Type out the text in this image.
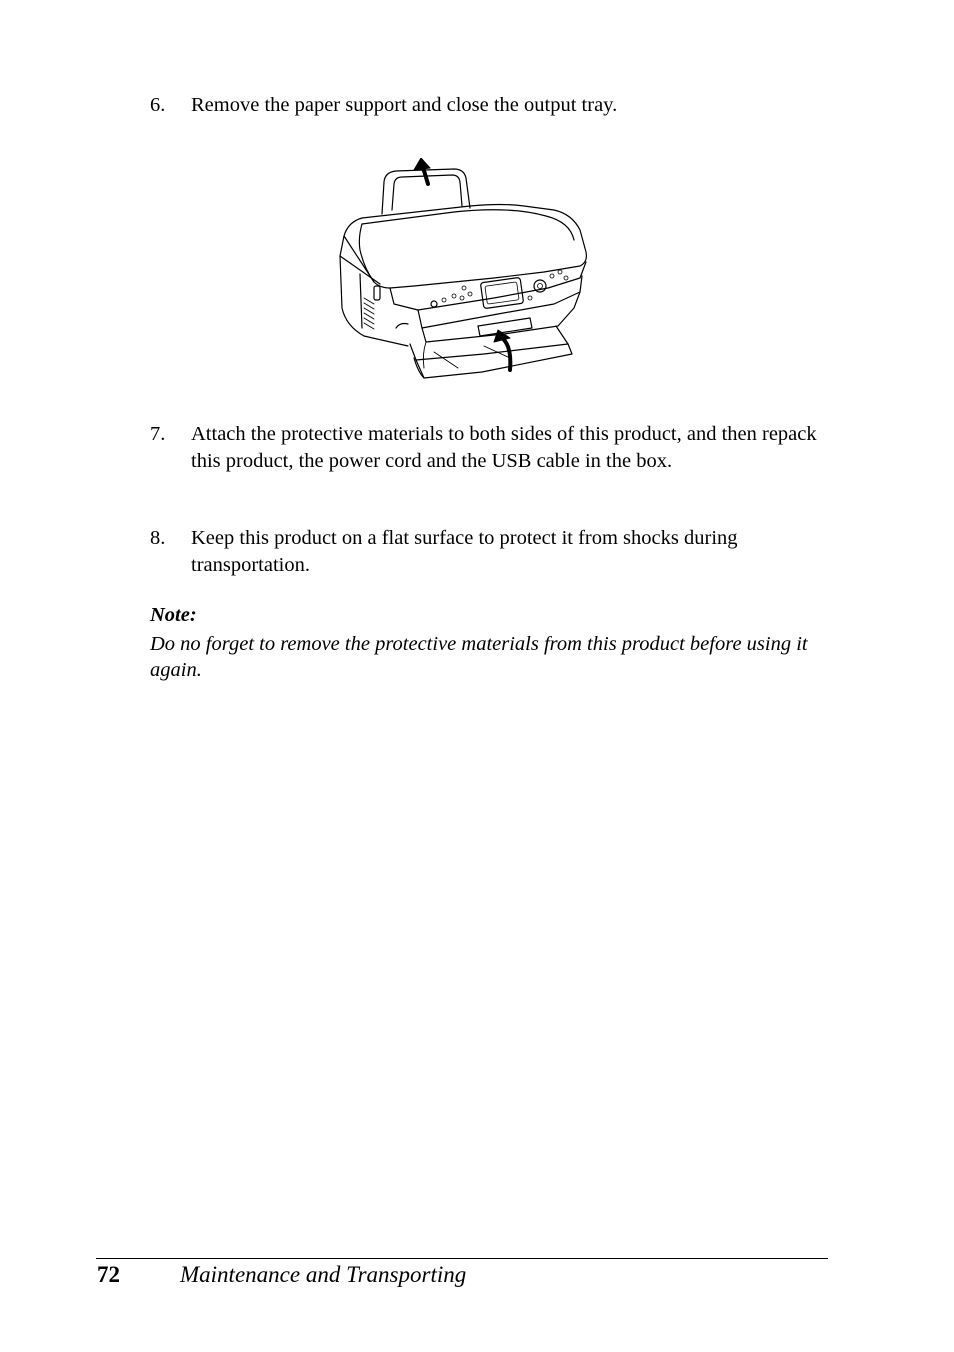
6.	Remove the paper support and close the output tray.
7.	Attach the protective materials to both sides of this product, and then repack this product, the power cord and the USB cable in the box.
8.	Keep this product on a flat surface to protect it from shocks during transportation.
Note:
Do no forget to remove the protective materials from this product before using it again.
72	Maintenance and Transporting
